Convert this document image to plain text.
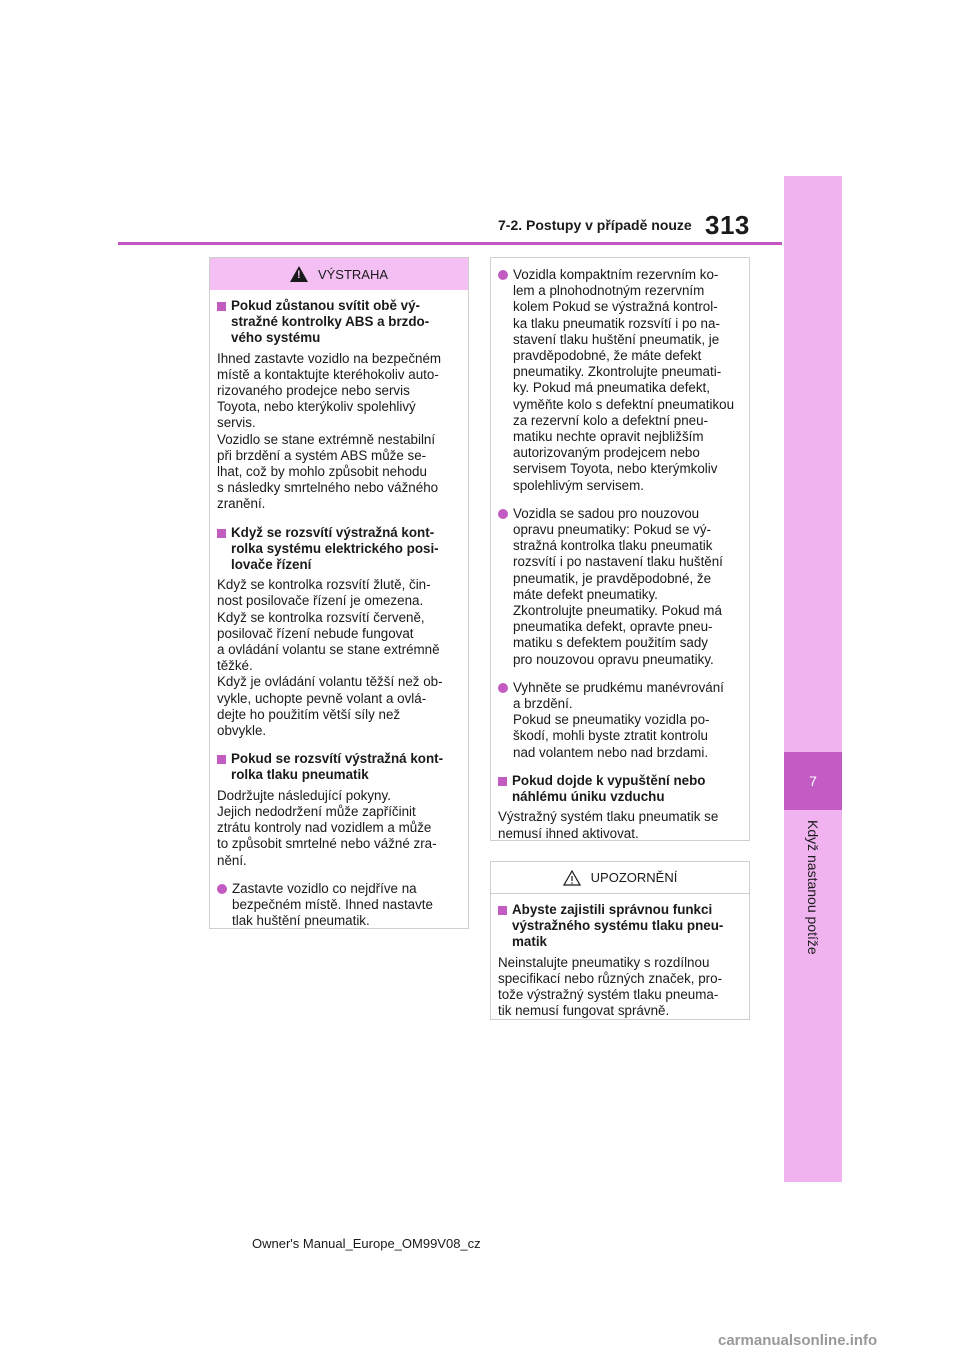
7-2. Postupy v případě nouze 313
7
Když nastanou potíže
!
VÝSTRAHA
Pokud zůstanou svítit obě vý-
stražné kontrolky ABS a brzdo-
vého systému
Ihned zastavte vozidlo na bezpečném
místě a kontaktujte kteréhokoliv auto-
rizovaného prodejce nebo servis
Toyota, nebo kterýkoliv spolehlivý
servis.
Vozidlo se stane extrémně nestabilní
při brzdění a systém ABS může se-
lhat, což by mohlo způsobit nehodu
s následky smrtelného nebo vážného
zranění.
Když se rozsvítí výstražná kont-
rolka systému elektrického posi-
lovače řízení
Když se kontrolka rozsvítí žlutě, čin-
nost posilovače řízení je omezena.
Když se kontrolka rozsvítí červeně,
posilovač řízení nebude fungovat
a ovládání volantu se stane extrémně
těžké.
Když je ovládání volantu těžší než ob-
vykle, uchopte pevně volant a ovlá-
dejte ho použitím větší síly než
obvykle.
Pokud se rozsvítí výstražná kont-
rolka tlaku pneumatik
Dodržujte následující pokyny.
Jejich nedodržení může zapříčinit
ztrátu kontroly nad vozidlem a může
to způsobit smrtelné nebo vážné zra-
nění.
Zastavte vozidlo co nejdříve na
bezpečném místě. Ihned nastavte
tlak huštění pneumatik.
Vozidla kompaktním rezervním ko-
lem a plnohodnotným rezervním
kolem Pokud se výstražná kontrol-
ka tlaku pneumatik rozsvítí i po na-
stavení tlaku huštění pneumatik, je
pravděpodobné, že máte defekt
pneumatiky. Zkontrolujte pneumati-
ky. Pokud má pneumatika defekt,
vyměňte kolo s defektní pneumatikou
za rezervní kolo a defektní pneu-
matiku nechte opravit nejbližším
autorizovaným prodejcem nebo
servisem Toyota, nebo kterýmkoliv
spolehlivým servisem.
Vozidla se sadou pro nouzovou
opravu pneumatiky: Pokud se vý-
stražná kontrolka tlaku pneumatik
rozsvítí i po nastavení tlaku huštění
pneumatik, je pravděpodobné, že
máte defekt pneumatiky.
Zkontrolujte pneumatiky. Pokud má
pneumatika defekt, opravte pneu-
matiku s defektem použitím sady
pro nouzovou opravu pneumatiky.
Vyhněte se prudkému manévrování
a brzdění.
Pokud se pneumatiky vozidla po-
škodí, mohli byste ztratit kontrolu
nad volantem nebo nad brzdami.
Pokud dojde k vypuštění nebo
náhlému úniku vzduchu
Výstražný systém tlaku pneumatik se
nemusí ihned aktivovat.
UPOZORNĚNÍ
Abyste zajistili správnou funkci
výstražného systému tlaku pneu-
matik
Neinstalujte pneumatiky s rozdílnou
specifikací nebo různých značek, pro-
tože výstražný systém tlaku pneuma-
tik nemusí fungovat správně.
Owner's Manual_Europe_OM99V08_cz
carmanualsonline.info
